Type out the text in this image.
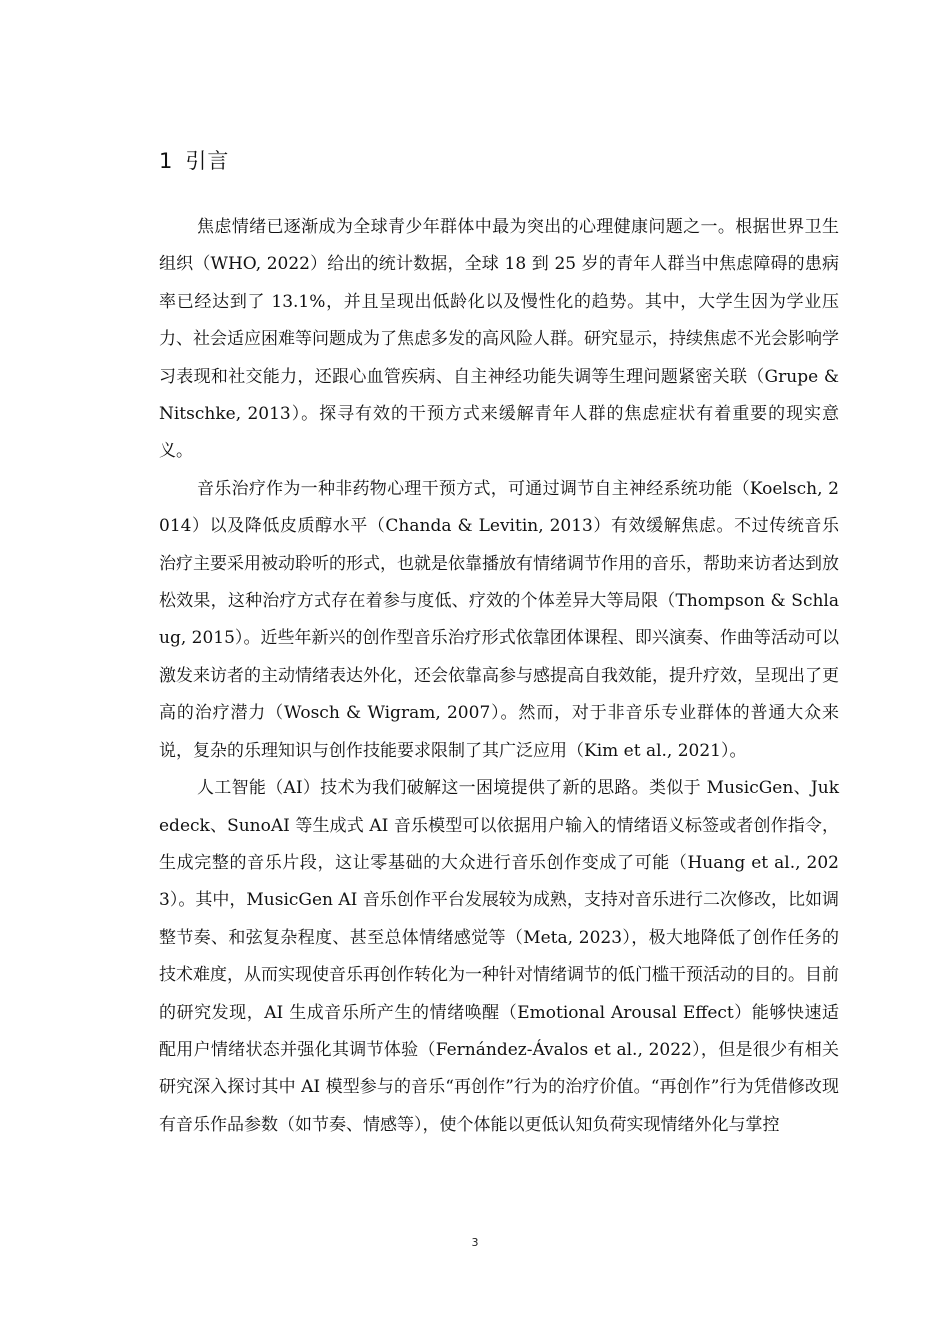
1 引言

焦虑情绪已逐渐成为全球青少年群体中最为突出的心理健康问题之一。根据世界卫生组织（WHO, 2022）给出的统计数据，全球 18 到 25 岁的青年人群当中焦虑障碍的患病率已经达到了 13.1%，并且呈现出低龄化以及慢性化的趋势。其中，大学生因为学业压力、社会适应困难等问题成为了焦虑多发的高风险人群。研究显示，持续焦虑不光会影响学习表现和社交能力，还跟心血管疾病、自主神经功能失调等生理问题紧密关联（Grupe & Nitschke, 2013）。探寻有效的干预方式来缓解青年人群的焦虑症状有着重要的现实意义。

音乐治疗作为一种非药物心理干预方式，可通过调节自主神经系统功能（Koelsch, 2014）以及降低皮质醇水平（Chanda & Levitin, 2013）有效缓解焦虑。不过传统音乐治疗主要采用被动聆听的形式，也就是依靠播放有情绪调节作用的音乐，帮助来访者达到放松效果，这种治疗方式存在着参与度低、疗效的个体差异大等局限（Thompson & Schlaug, 2015）。近些年新兴的创作型音乐治疗形式依靠团体课程、即兴演奏、作曲等活动可以激发来访者的主动情绪表达外化，还会依靠高参与感提高自我效能，提升疗效，呈现出了更高的治疗潜力（Wosch & Wigram, 2007）。然而，对于非音乐专业群体的普通大众来说，复杂的乐理知识与创作技能要求限制了其广泛应用（Kim et al., 2021）。

人工智能（AI）技术为我们破解这一困境提供了新的思路。类似于 MusicGen、Jukedeck、SunoAI 等生成式 AI 音乐模型可以依据用户输入的情绪语义标签或者创作指令，生成完整的音乐片段，这让零基础的大众进行音乐创作变成了可能（Huang et al., 2023）。其中，MusicGen AI 音乐创作平台发展较为成熟，支持对音乐进行二次修改，比如调整节奏、和弦复杂程度、甚至总体情绪感觉等（Meta, 2023），极大地降低了创作任务的技术难度，从而实现使音乐再创作转化为一种针对情绪调节的低门槛干预活动的目的。目前的研究发现，AI 生成音乐所产生的情绪唤醒（Emotional Arousal Effect）能够快速适配用户情绪状态并强化其调节体验（Fernández-Ávalos et al., 2022），但是很少有相关研究深入探讨其中 AI 模型参与的音乐“再创作”行为的治疗价值。“再创作”行为凭借修改现有音乐作品参数（如节奏、情感等），使个体能以更低认知负荷实现情绪外化与掌控

3
